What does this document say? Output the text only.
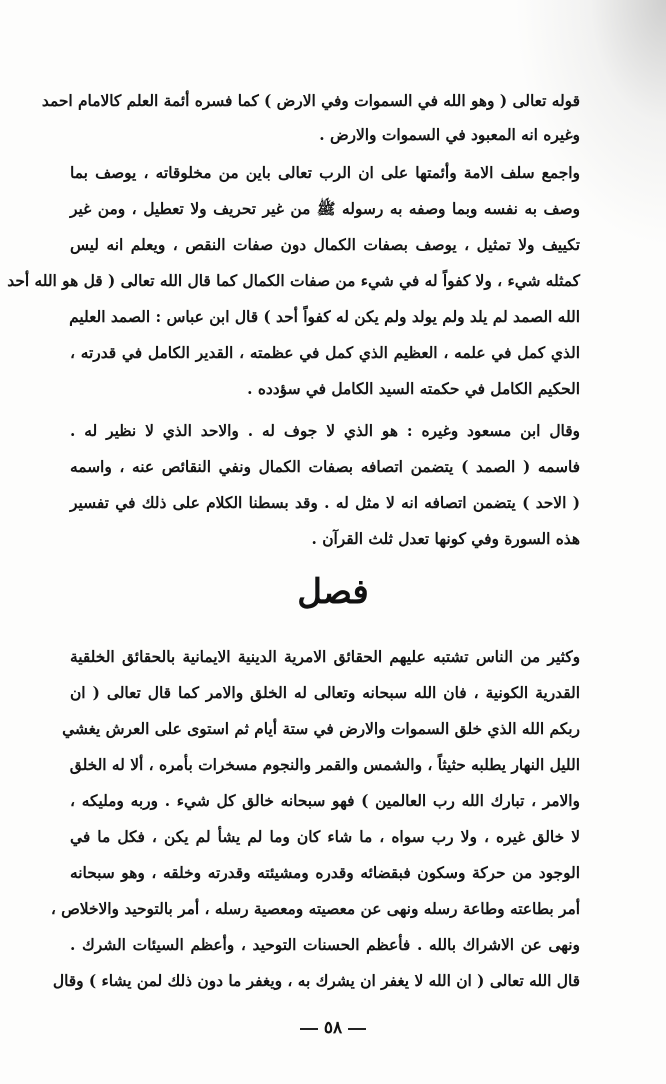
قوله تعالى ( وهو الله في السموات وفي الارض ) كما فسره أئمة العلم كالامام احمد
وغيره انه المعبود في السموات والارض .
واجمع سلف الامة وأئمتها على ان الرب تعالى باين من مخلوقاته ، يوصف بما
وصف به نفسه وبما وصفه به رسوله ﷺ من غير تحريف ولا تعطيل ، ومن غير
تكييف ولا تمثيل ، يوصف بصفات الكمال دون صفات النقص ، ويعلم انه ليس
كمثله شيء ، ولا كفواً له في شيء من صفات الكمال كما قال الله تعالى ( قل هو الله أحد
الله الصمد لم يلد ولم يولد ولم يكن له كفواً أحد ) قال ابن عباس : الصمد العليم
الذي كمل في علمه ، العظيم الذي كمل في عظمته ، القدير الكامل في قدرته ،
الحكيم الكامل في حكمته السيد الكامل في سؤدده .
وقال ابن مسعود وغيره : هو الذي لا جوف له . والاحد الذي لا نظير له .
فاسمه ( الصمد ) يتضمن اتصافه بصفات الكمال ونفي النقائص عنه ، واسمه
( الاحد ) يتضمن اتصافه انه لا مثل له . وقد بسطنا الكلام على ذلك في تفسير
هذه السورة وفي كونها تعدل ثلث القرآن .
فصل
وكثير من الناس تشتبه عليهم الحقائق الامرية الدينية الايمانية بالحقائق الخلقية
القدرية الكونية ، فان الله سبحانه وتعالى له الخلق والامر كما قال تعالى ( ان
ربكم الله الذي خلق السموات والارض في ستة أيام ثم استوى على العرش يغشي
الليل النهار يطلبه حثيثاً ، والشمس والقمر والنجوم مسخرات بأمره ، ألا له الخلق
والامر ، تبارك الله رب العالمين ) فهو سبحانه خالق كل شيء . وربه ومليكه ،
لا خالق غيره ، ولا رب سواه ، ما شاء كان وما لم يشأ لم يكن ، فكل ما في
الوجود من حركة وسكون فبقضائه وقدره ومشيئته وقدرته وخلقه ، وهو سبحانه
أمر بطاعته وطاعة رسله ونهى عن معصيته ومعصية رسله ، أمر بالتوحيد والاخلاص ،
ونهى عن الاشراك بالله . فأعظم الحسنات التوحيد ، وأعظم السيئات الشرك .
قال الله تعالى ( ان الله لا يغفر ان يشرك به ، ويغفر ما دون ذلك لمن يشاء ) وقال
٥٨
